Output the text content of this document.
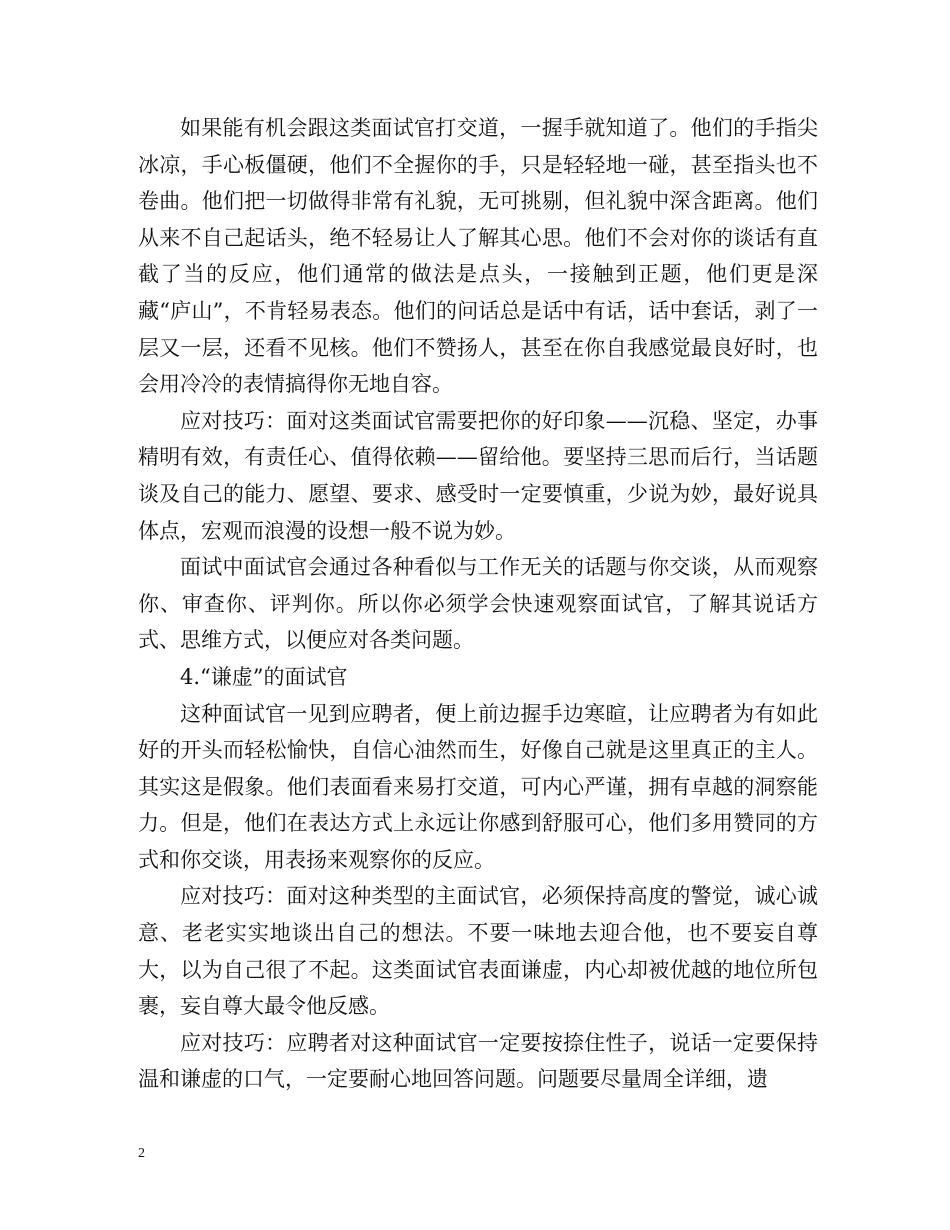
如果能有机会跟这类面试官打交道，一握手就知道了。他们的手指尖冰凉，手心板僵硬，他们不全握你的手，只是轻轻地一碰，甚至指头也不卷曲。他们把一切做得非常有礼貌，无可挑剔，但礼貌中深含距离。他们从来不自己起话头，绝不轻易让人了解其心思。他们不会对你的谈话有直截了当的反应，他们通常的做法是点头，一接触到正题，他们更是深藏“庐山”，不肯轻易表态。他们的问话总是话中有话，话中套话，剥了一层又一层，还看不见核。他们不赞扬人，甚至在你自我感觉最良好时，也会用冷冷的表情搞得你无地自容。

应对技巧：面对这类面试官需要把你的好印象——沉稳、坚定，办事精明有效，有责任心、值得依赖——留给他。要坚持三思而后行，当话题谈及自己的能力、愿望、要求、感受时一定要慎重，少说为妙，最好说具体点，宏观而浪漫的设想一般不说为妙。

面试中面试官会通过各种看似与工作无关的话题与你交谈，从而观察你、审查你、评判你。所以你必须学会快速观察面试官，了解其说话方式、思维方式，以便应对各类问题。

4.“谦虚”的面试官

这种面试官一见到应聘者，便上前边握手边寒暄，让应聘者为有如此好的开头而轻松愉快，自信心油然而生，好像自己就是这里真正的主人。其实这是假象。他们表面看来易打交道，可内心严谨，拥有卓越的洞察能力。但是，他们在表达方式上永远让你感到舒服可心，他们多用赞同的方式和你交谈，用表扬来观察你的反应。

应对技巧：面对这种类型的主面试官，必须保持高度的警觉，诚心诚意、老老实实地谈出自己的想法。不要一味地去迎合他，也不要妄自尊大，以为自己很了不起。这类面试官表面谦虚，内心却被优越的地位所包裹，妄自尊大最令他反感。

应对技巧：应聘者对这种面试官一定要按捺住性子，说话一定要保持温和谦虚的口气，一定要耐心地回答问题。问题要尽量周全详细，遗

2
